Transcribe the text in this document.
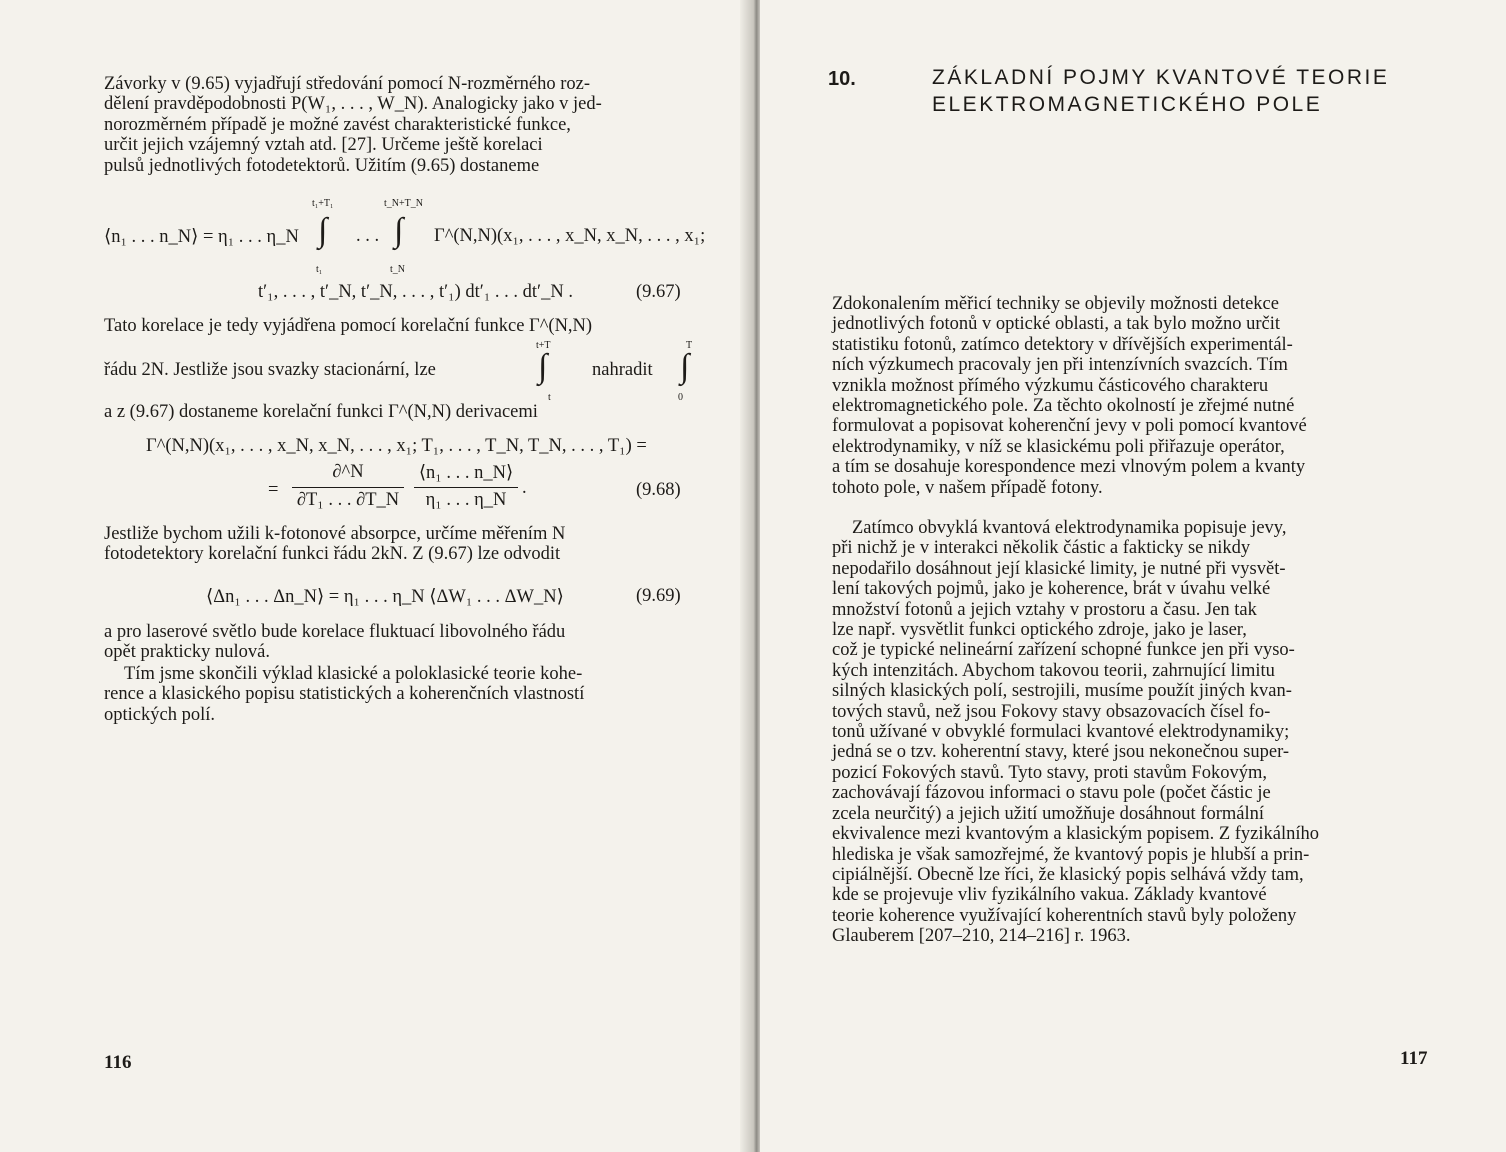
Závorky v (9.65) vyjadřují středování pomocí N-rozměrného roz-
dělení pravděpodobnosti P(W₁, . . . , W_N). Analogicky jako v jed-
norozměrném případě je možné zavést charakteristické funkce,
určit jejich vzájemný vztah atd. [27]. Určeme ještě korelaci
pulsů jednotlivých fotodetektorů. Užitím (9.65) dostaneme
t₁+T₁	t_N+T_N
⟨n₁ . . . n_N⟩ = η₁ . . . η_N ∫ . . . ∫ Γ^(N,N)(x₁, . . . , x_N, x_N, . . . , x₁;
t₁	t_N
t′₁, . . . , t′_N, t′_N, . . . , t′₁) dt′₁ . . . dt′_N .	(9.67)
Tato korelace je tedy vyjádřena pomocí korelační funkce Γ^(N,N)
t+T	T
řádu 2N. Jestliže jsou svazky stacionární, lze	∫ nahradit ∫
t	0
a z (9.67) dostaneme korelační funkci Γ^(N,N) derivacemi
Γ^(N,N)(x₁, . . . , x_N, x_N, . . . , x₁; T₁, . . . , T_N, T_N, . . . , T₁) =
=
∂^N
∂T₁ . . . ∂T_N
⟨n₁ . . . n_N⟩
η₁ . . . η_N
.	(9.68)
Jestliže bychom užili k-fotonové absorpce, určíme měřením N
fotodetektory korelační funkci řádu 2kN. Z (9.67) lze odvodit
⟨Δn₁ . . . Δn_N⟩ = η₁ . . . η_N ⟨ΔW₁ . . . ΔW_N⟩	(9.69)
a pro laserové světlo bude korelace fluktuací libovolného řádu
opět prakticky nulová.
Tím jsme skončili výklad klasické a poloklasické teorie kohe-
rence a klasického popisu statistických a koherenčních vlastností
optických polí.
116
10.	ZÁKLADNÍ POJMY KVANTOVÉ TEORIE
ELEKTROMAGNETICKÉHO POLE
Zdokonalením měřicí techniky se objevily možnosti detekce
jednotlivých fotonů v optické oblasti, a tak bylo možno určit
statistiku fotonů, zatímco detektory v dřívějších experimentál-
ních výzkumech pracovaly jen při intenzívních svazcích. Tím
vznikla možnost přímého výzkumu částicového charakteru
elektromagnetického pole. Za těchto okolností je zřejmé nutné
formulovat a popisovat koherenční jevy v poli pomocí kvantové
elektrodynamiky, v níž se klasickému poli přiřazuje operátor,
a tím se dosahuje korespondence mezi vlnovým polem a kvanty
tohoto pole, v našem případě fotony.
Zatímco obvyklá kvantová elektrodynamika popisuje jevy,
při nichž je v interakci několik částic a fakticky se nikdy
nepodařilo dosáhnout její klasické limity, je nutné při vysvět-
lení takových pojmů, jako je koherence, brát v úvahu velké
množství fotonů a jejich vztahy v prostoru a času. Jen tak
lze např. vysvětlit funkci optického zdroje, jako je laser,
což je typické nelineární zařízení schopné funkce jen při vyso-
kých intenzitách. Abychom takovou teorii, zahrnující limitu
silných klasických polí, sestrojili, musíme použít jiných kvan-
tových stavů, než jsou Fokovy stavy obsazovacích čísel fo-
tonů užívané v obvyklé formulaci kvantové elektrodynamiky;
jedná se o tzv. koherentní stavy, které jsou nekonečnou super-
pozicí Fokových stavů. Tyto stavy, proti stavům Fokovým,
zachovávají fázovou informaci o stavu pole (počet částic je
zcela neurčitý) a jejich užití umožňuje dosáhnout formální
ekvivalence mezi kvantovým a klasickým popisem. Z fyzikálního
hlediska je však samozřejmé, že kvantový popis je hlubší a prin-
cipiálnější. Obecně lze říci, že klasický popis selhává vždy tam,
kde se projevuje vliv fyzikálního vakua. Základy kvantové
teorie koherence využívající koherentních stavů byly položeny
Glauberem [207–210, 214–216] r. 1963.
117
